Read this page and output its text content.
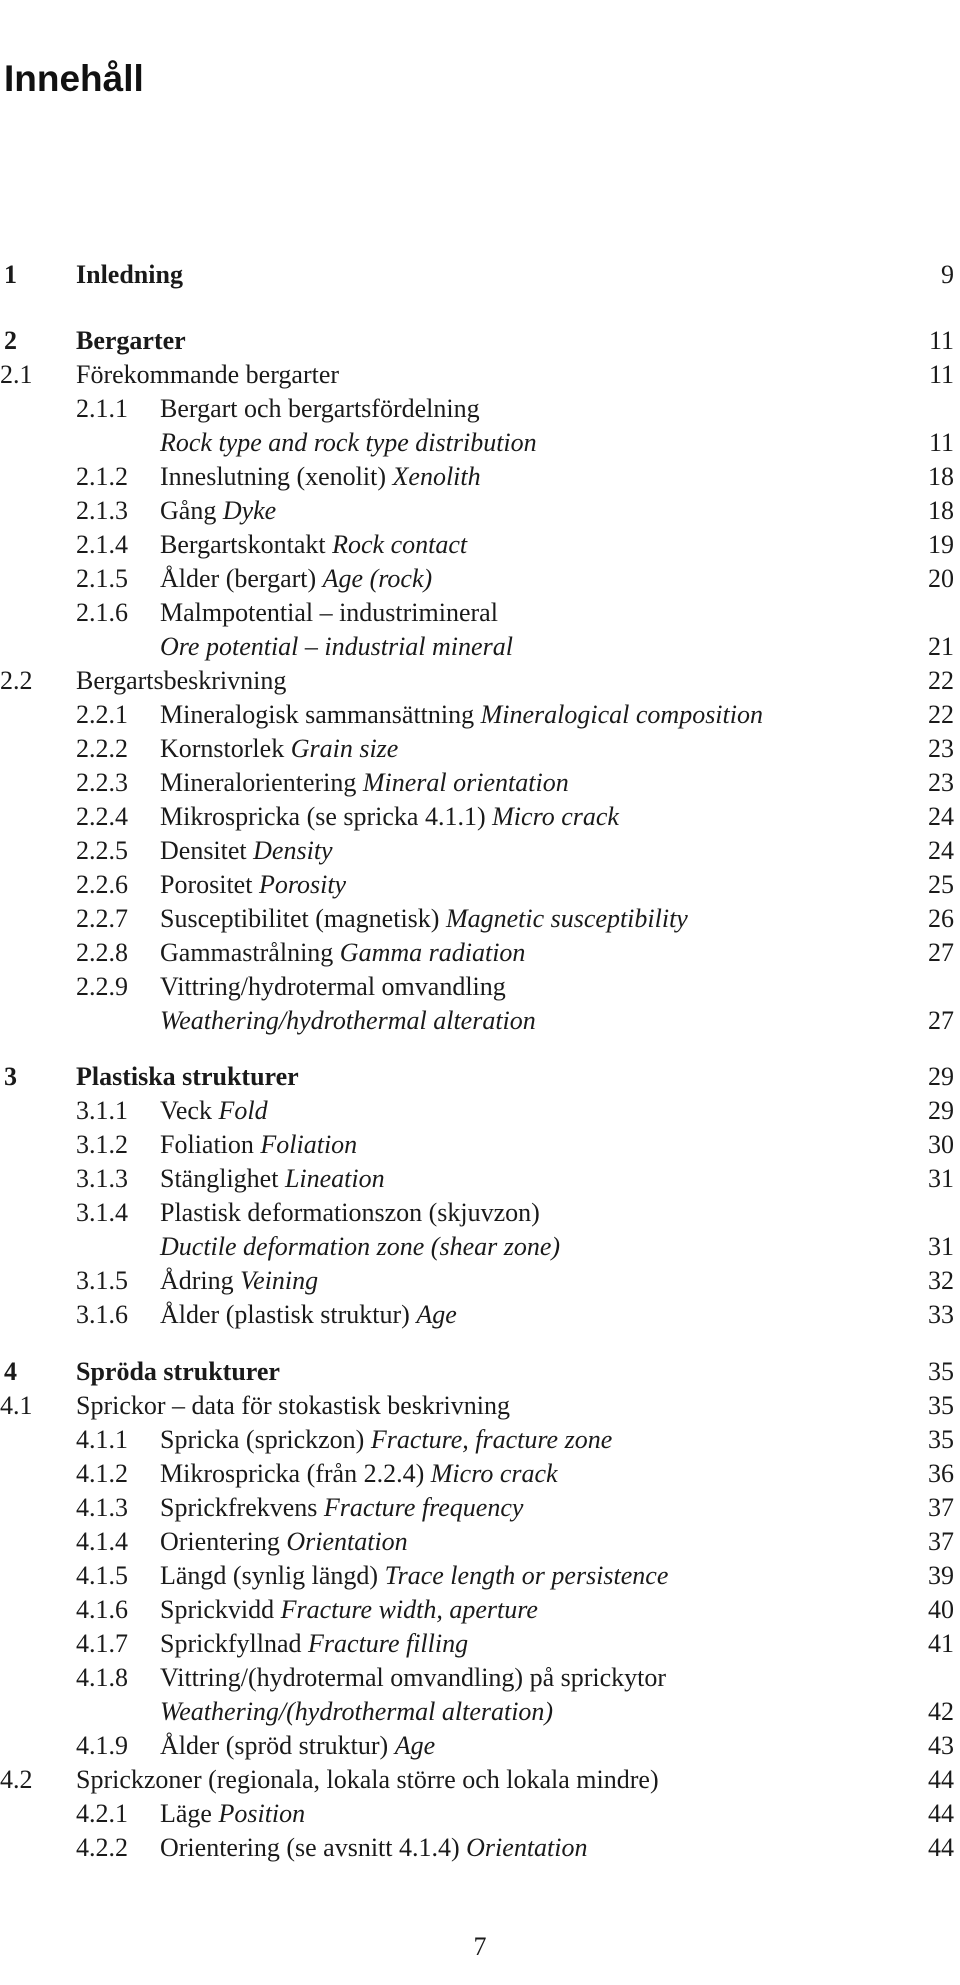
Innehåll
1 Inledning	9
2 Bergarter	11
2.1 Förekommande bergarter	11
2.1.1 Bergart och bergartsfördelning
Rock type and rock type distribution	11
2.1.2 Inneslutning (xenolit) Xenolith	18
2.1.3 Gång Dyke	18
2.1.4 Bergartskontakt Rock contact	19
2.1.5 Ålder (bergart) Age (rock)	20
2.1.6 Malmpotential – industrimineral
Ore potential – industrial mineral	21
2.2 Bergartsbeskrivning	22
2.2.1 Mineralogisk sammansättning Mineralogical composition	22
2.2.2 Kornstorlek Grain size	23
2.2.3 Mineralorientering Mineral orientation	23
2.2.4 Mikrospricka (se spricka 4.1.1) Micro crack	24
2.2.5 Densitet Density	24
2.2.6 Porositet Porosity	25
2.2.7 Susceptibilitet (magnetisk) Magnetic susceptibility	26
2.2.8 Gammastrålning Gamma radiation	27
2.2.9 Vittring/hydrotermal omvandling
Weathering/hydrothermal alteration	27
3 Plastiska strukturer	29
3.1.1 Veck Fold	29
3.1.2 Foliation Foliation	30
3.1.3 Stänglighet Lineation	31
3.1.4 Plastisk deformationszon (skjuvzon)
Ductile deformation zone (shear zone)	31
3.1.5 Ådring Veining	32
3.1.6 Ålder (plastisk struktur) Age	33
4 Spröda strukturer	35
4.1 Sprickor – data för stokastisk beskrivning	35
4.1.1 Spricka (sprickzon) Fracture, fracture zone	35
4.1.2 Mikrospricka (från 2.2.4) Micro crack	36
4.1.3 Sprickfrekvens Fracture frequency	37
4.1.4 Orientering Orientation	37
4.1.5 Längd (synlig längd) Trace length or persistence	39
4.1.6 Sprickvidd Fracture width, aperture	40
4.1.7 Sprickfyllnad Fracture filling	41
4.1.8 Vittring/(hydrotermal omvandling) på sprickytor
Weathering/(hydrothermal alteration)	42
4.1.9 Ålder (spröd struktur) Age	43
4.2 Sprickzoner (regionala, lokala större och lokala mindre)	44
4.2.1 Läge Position	44
4.2.2 Orientering (se avsnitt 4.1.4) Orientation	44
7
